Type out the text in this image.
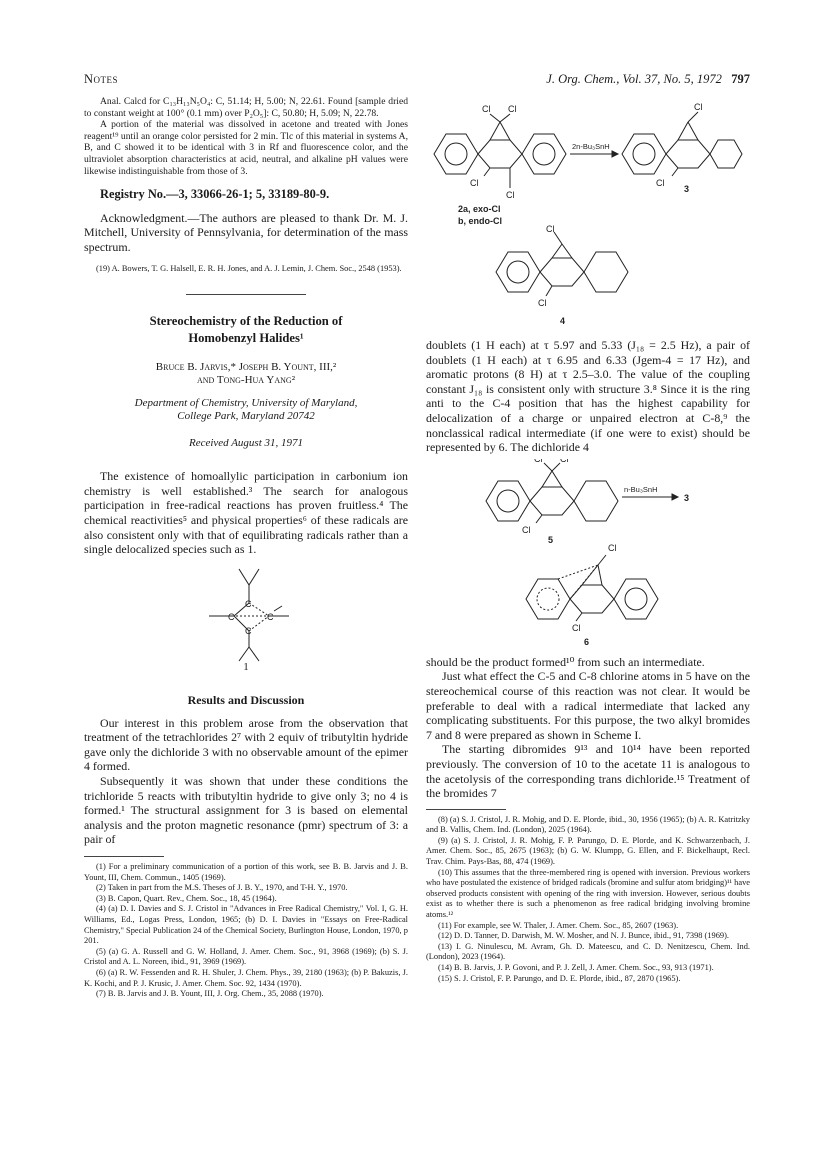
Notes	J. Org. Chem., Vol. 37, No. 5, 1972 797

Anal. Calcd for C₁₃H₁₃N₅O₄: C, 51.14; H, 5.00; N, 22.61. Found [sample dried to constant weight at 100° (0.1 mm) over P₂O₅]: C, 50.80; H, 5.09; N, 22.78.

A portion of the material was dissolved in acetone and treated with Jones reagent¹⁹ until an orange color persisted for 2 min. Tlc of this material in systems A, B, and C showed it to be identical with 3 in Rf and fluorescence color, and the ultraviolet absorption characteristics at acid, neutral, and alkaline pH values were likewise indistinguishable from those of 3.

Registry No.—3, 33066-26-1; 5, 33189-80-9.

Acknowledgment.—The authors are pleased to thank Dr. M. J. Mitchell, University of Pennsylvania, for determination of the mass spectrum.

(19) A. Bowers, T. G. Halsell, E. R. H. Jones, and A. J. Lemin, J. Chem. Soc., 2548 (1953).

Stereochemistry of the Reduction of
Homobenzyl Halides¹
Bruce B. Jarvis,* Joseph B. Yount, III,²
and Tong-Hua Yang²
Department of Chemistry, University of Maryland,
College Park, Maryland 20742
Received August 31, 1971

The existence of homoallylic participation in carbonium ion chemistry is well established.³ The search for analogous participation in free-radical reactions has proven fruitless.⁴ The chemical reactivities⁵ and physical properties⁶ of these radicals are also consistent only with that of equilibrating radicals rather than a single delocalized species such as 1.

C
C	C
C
1
Results and Discussion

Our interest in this problem arose from the observation that treatment of the tetrachlorides 2⁷ with 2 equiv of tributyltin hydride gave only the dichloride 3 with no observable amount of the epimer 4 formed.

Subsequently it was shown that under these conditions the trichloride 5 reacts with tributyltin hydride to give only 3; no 4 is formed.¹ The structural assignment for 3 is based on elemental analysis and the proton magnetic resonance (pmr) spectrum of 3: a pair of

(1) For a preliminary communication of a portion of this work, see B. B. Jarvis and J. B. Yount, III, Chem. Commun., 1405 (1969).

(2) Taken in part from the M.S. Theses of J. B. Y., 1970, and T-H. Y., 1970.

(3) B. Capon, Quart. Rev., Chem. Soc., 18, 45 (1964).

(4) (a) D. I. Davies and S. J. Cristol in "Advances in Free Radical Chemistry," Vol. I, G. H. Williams, Ed., Logas Press, London, 1965; (b) D. I. Davies in "Essays on Free-Radical Chemistry," Special Publication 24 of the Chemical Society, Burlington House, London, 1970, p 201.

(5) (a) G. A. Russell and G. W. Holland, J. Amer. Chem. Soc., 91, 3968 (1969); (b) S. J. Cristol and A. L. Noreen, ibid., 91, 3969 (1969).

(6) (a) R. W. Fessenden and R. H. Shuler, J. Chem. Phys., 39, 2180 (1963); (b) P. Bakuzis, J. K. Kochi, and P. J. Krusic, J. Amer. Chem. Soc. 92, 1434 (1970).

(7) B. B. Jarvis and J. B. Yount, III, J. Org. Chem., 35, 2088 (1970).

Cl Cl
Cl
Cl
2n-Bu₃SnH
Cl
Cl
3
2a, exo-Cl
b, endo-Cl
Cl
Cl
4

doublets (1 H each) at τ 5.97 and 5.33 (J₁₈ = 2.5 Hz), a pair of doublets (1 H each) at τ 6.95 and 6.33 (Jgem-4 = 17 Hz), and aromatic protons (8 H) at τ 2.5–3.0. The value of the coupling constant J₁₈ is consistent only with structure 3.⁸ Since it is the ring anti to the C-4 position that has the highest capability for delocalization of a charge or unpaired electron at C-8,⁹ the nonclassical radical intermediate (if one were to exist) should be represented by 6. The dichloride 4

Cl Cl
Cl
5
n-Bu₃SnH
3
Cl
Cl
6

should be the product formed¹⁰ from such an intermediate.

Just what effect the C-5 and C-8 chlorine atoms in 5 have on the stereochemical course of this reaction was not clear. It would be preferable to deal with a radical intermediate that lacked any complicating substituents. For this purpose, the two alkyl bromides 7 and 8 were prepared as shown in Scheme I.

The starting dibromides 9¹³ and 10¹⁴ have been reported previously. The conversion of 10 to the acetate 11 is analogous to the acetolysis of the corresponding trans dichloride.¹⁵ Treatment of the bromides 7

(8) (a) S. J. Cristol, J. R. Mohig, and D. E. Plorde, ibid., 30, 1956 (1965); (b) A. R. Katritzky and B. Vallis, Chem. Ind. (London), 2025 (1964).

(9) (a) S. J. Cristol, J. R. Mohig, F. P. Parungo, D. E. Plorde, and K. Schwarzenbach, J. Amer. Chem. Soc., 85, 2675 (1963); (b) G. W. Klumpp, G. Ellen, and F. Bickelhaupt, Recl. Trav. Chim. Pays-Bas, 88, 474 (1969).

(10) This assumes that the three-membered ring is opened with inversion. Previous workers who have postulated the existence of bridged radicals (bromine and sulfur atom bridging)¹¹ have observed products consistent with opening of the ring with inversion. However, serious doubts exist as to whether there is such a phenomenon as free radical bridging involving bromine atoms.¹²

(11) For example, see W. Thaler, J. Amer. Chem. Soc., 85, 2607 (1963).

(12) D. D. Tanner, D. Darwish, M. W. Mosher, and N. J. Bunce, ibid., 91, 7398 (1969).

(13) I. G. Ninulescu, M. Avram, Gh. D. Mateescu, and C. D. Nenitzescu, Chem. Ind. (London), 2023 (1964).

(14) B. B. Jarvis, J. P. Govoni, and P. J. Zell, J. Amer. Chem. Soc., 93, 913 (1971).

(15) S. J. Cristol, F. P. Parungo, and D. E. Plorde, ibid., 87, 2870 (1965).
